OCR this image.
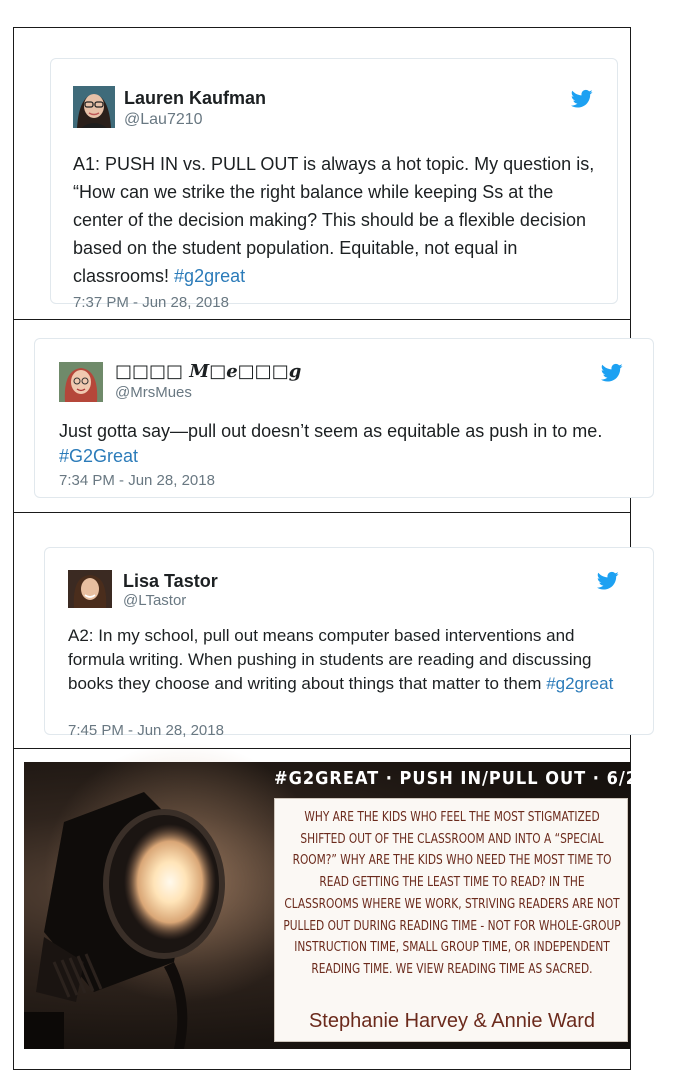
Lauren Kaufman
@Lau7210
A1: PUSH IN vs. PULL OUT is always a hot topic. My question is, “How can we strike the right balance while keeping Ss at the center of the decision making? This should be a flexible decision based on the student population. Equitable, not equal in classrooms! #g2great
7:37 PM - Jun 28, 2018
□□□□ 𝑴□𝒆□□□𝒈
@MrsMues
Just gotta say—pull out doesn’t seem as equitable as push in to me. #G2Great
7:34 PM - Jun 28, 2018
Lisa Tastor
@LTastor
A2: In my school, pull out means computer based interventions and formula writing. When pushing in students are reading and discussing books they choose and writing about things that matter to them #g2great
7:45 PM - Jun 28, 2018
#G2GREAT · PUSH IN/PULL OUT · 6/28/18
WHY ARE THE KIDS WHO FEEL THE MOST STIGMATIZED SHIFTED OUT OF THE CLASSROOM AND INTO A “SPECIAL ROOM?” WHY ARE THE KIDS WHO NEED THE MOST TIME TO READ GETTING THE LEAST TIME TO READ? IN THE CLASSROOMS WHERE WE WORK, STRIVING READERS ARE NOT PULLED OUT DURING READING TIME - NOT FOR WHOLE-GROUP INSTRUCTION TIME, SMALL GROUP TIME, OR INDEPENDENT READING TIME. WE VIEW READING TIME AS SACRED.
Stephanie Harvey & Annie Ward
